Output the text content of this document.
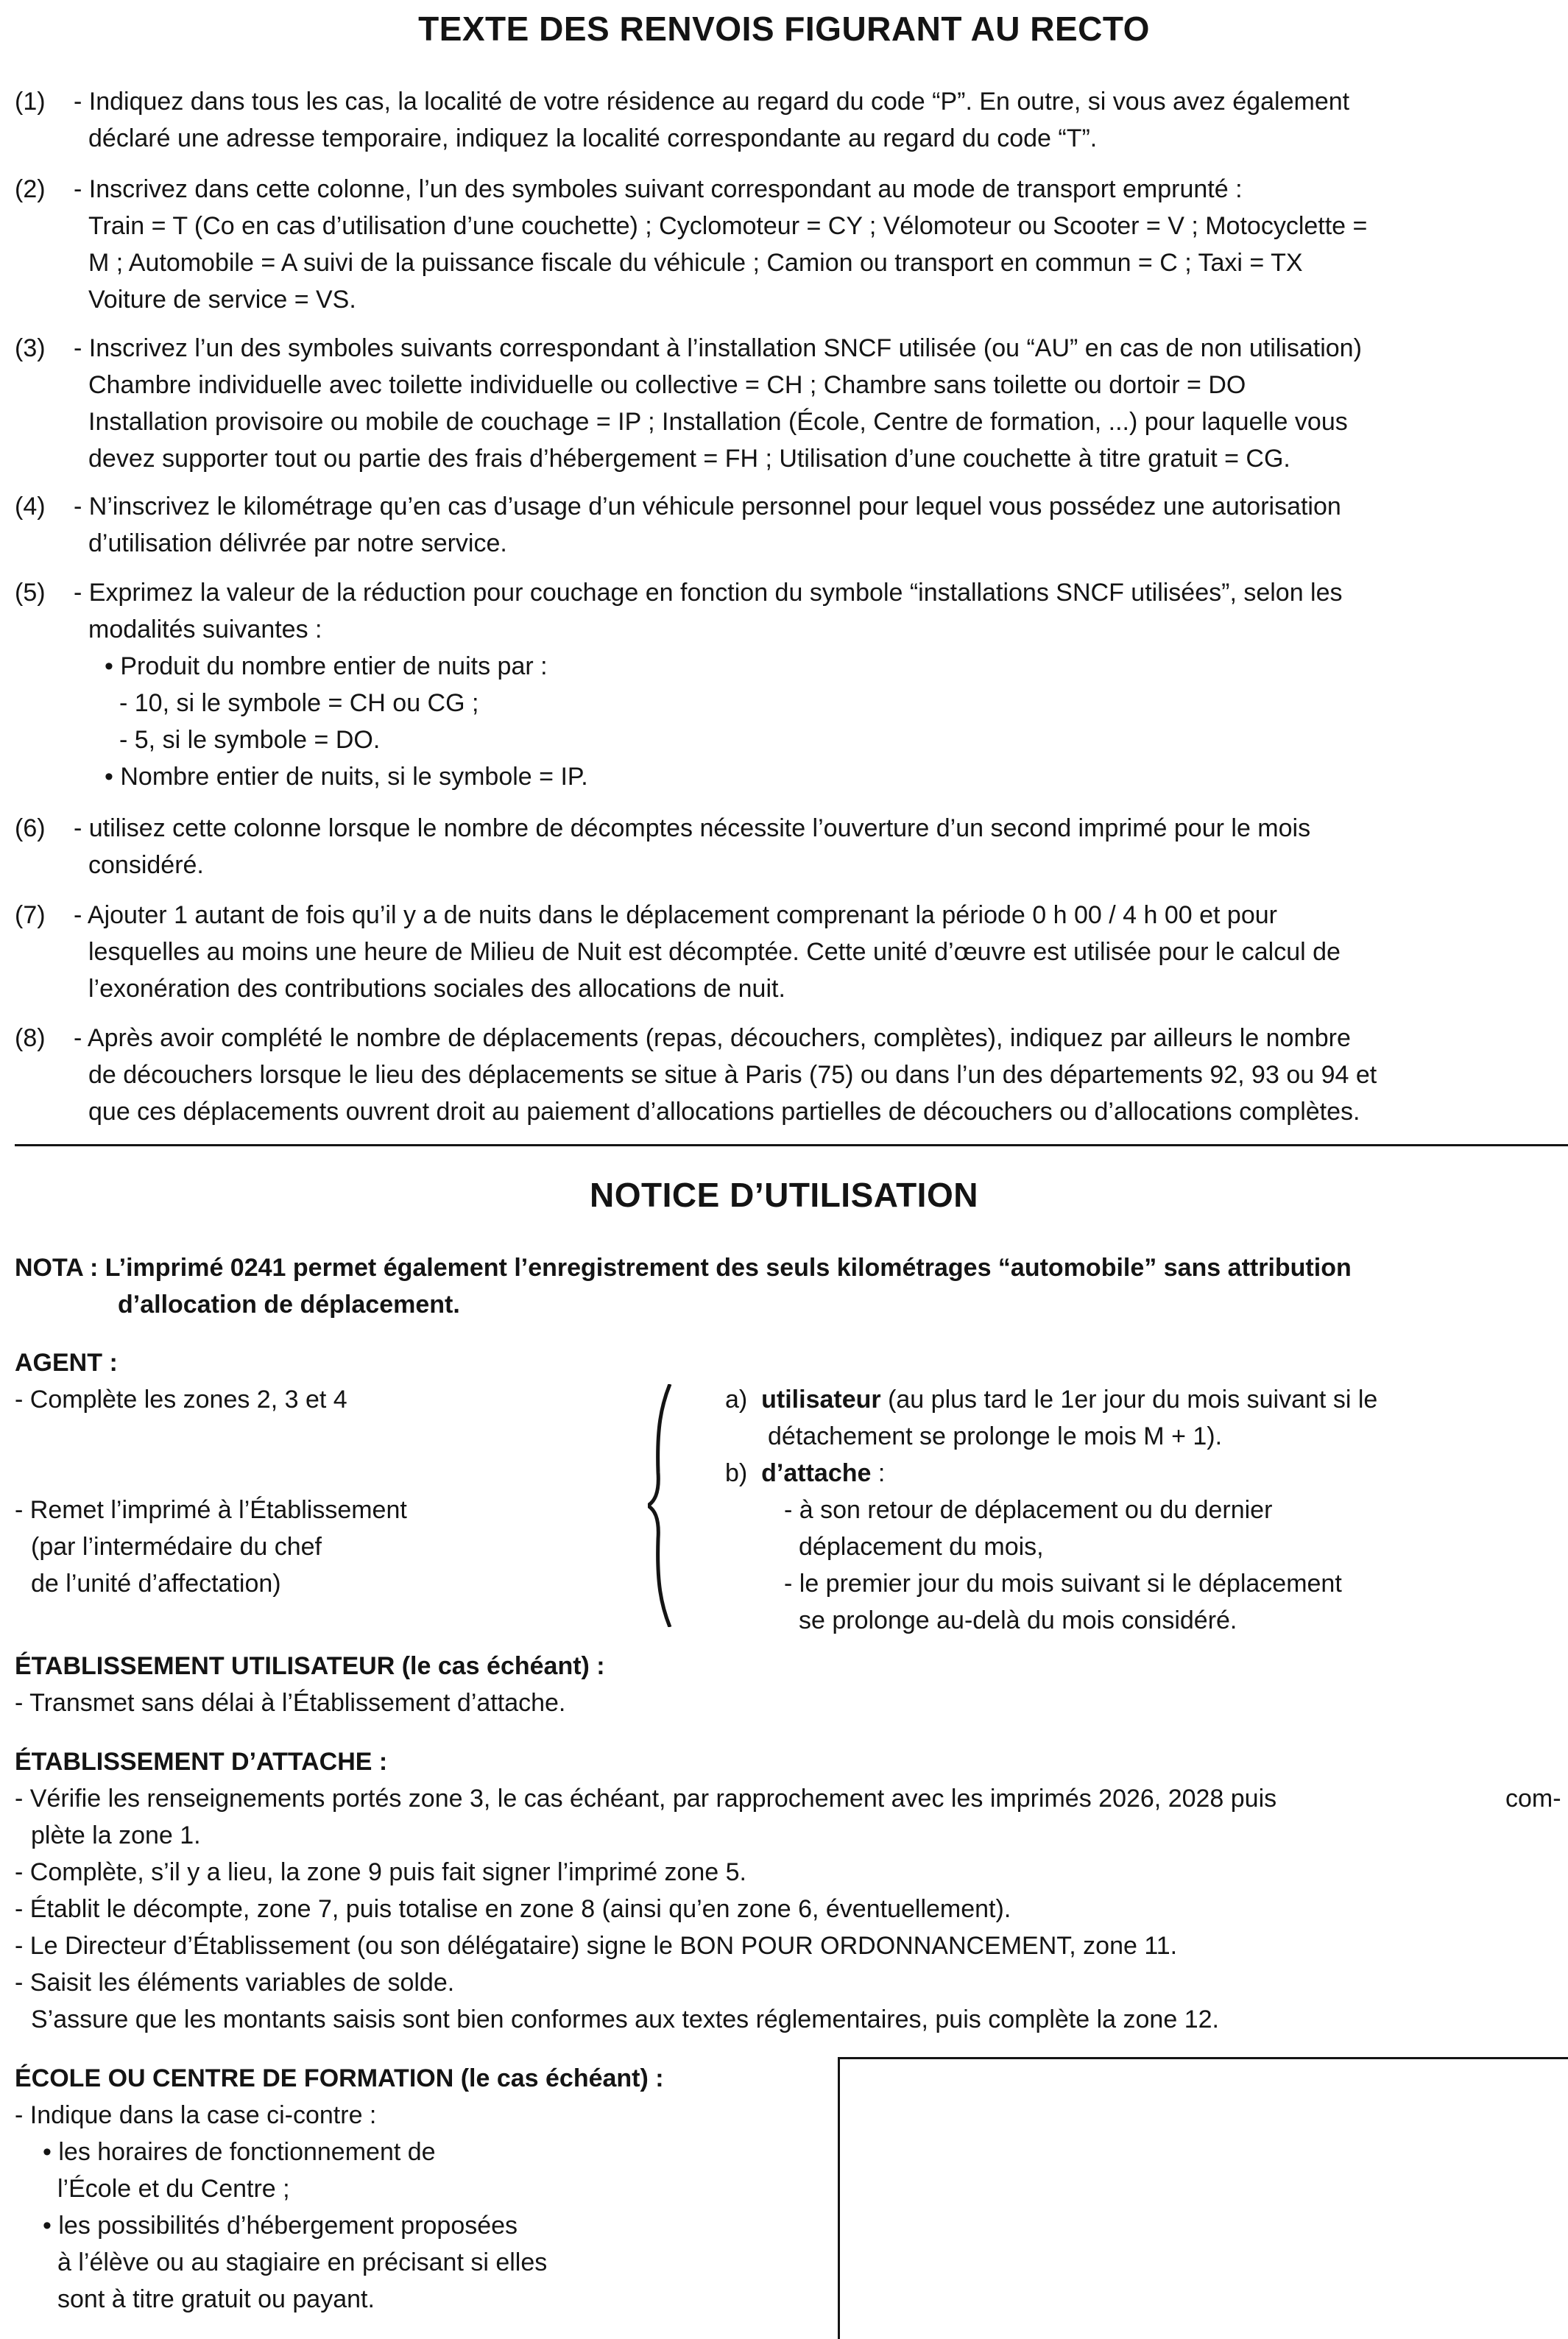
TEXTE DES RENVOIS FIGURANT AU RECTO
(1) - Indiquez dans tous les cas, la localité de votre résidence au regard du code “P”. En outre, si vous avez également
déclaré une adresse temporaire, indiquez la localité correspondante au regard du code “T”.
(2) - Inscrivez dans cette colonne, l’un des symboles suivant correspondant au mode de transport emprunté :
Train = T (Co en cas d’utilisation d’une couchette) ; Cyclomoteur = CY ; Vélomoteur ou Scooter = V ; Motocyclette =
M ; Automobile = A suivi de la puissance fiscale du véhicule ; Camion ou transport en commun = C ; Taxi = TX
Voiture de service = VS.
(3) - Inscrivez l’un des symboles suivants correspondant à l’installation SNCF utilisée (ou “AU” en cas de non utilisation)
Chambre individuelle avec toilette individuelle ou collective = CH ; Chambre sans toilette ou dortoir = DO
Installation provisoire ou mobile de couchage = IP ; Installation (École, Centre de formation, ...) pour laquelle vous
devez supporter tout ou partie des frais d’hébergement = FH ; Utilisation d’une couchette à titre gratuit = CG.
(4) - N’inscrivez le kilométrage qu’en cas d’usage d’un véhicule personnel pour lequel vous possédez une autorisation
d’utilisation délivrée par notre service.
(5) - Exprimez la valeur de la réduction pour couchage en fonction du symbole “installations SNCF utilisées”, selon les
modalités suivantes :
• Produit du nombre entier de nuits par :
- 10, si le symbole = CH ou CG ;
- 5, si le symbole = DO.
• Nombre entier de nuits, si le symbole = IP.
(6) - utilisez cette colonne lorsque le nombre de décomptes nécessite l’ouverture d’un second imprimé pour le mois
considéré.
(7) - Ajouter 1 autant de fois qu’il y a de nuits dans le déplacement comprenant la période 0 h 00 / 4 h 00 et pour
lesquelles au moins une heure de Milieu de Nuit est décomptée. Cette unité d’œuvre est utilisée pour le calcul de
l’exonération des contributions sociales des allocations de nuit.
(8) - Après avoir complété le nombre de déplacements (repas, découchers, complètes), indiquez par ailleurs le nombre
de découchers lorsque le lieu des déplacements se situe à Paris (75) ou dans l’un des départements 92, 93 ou 94 et
que ces déplacements ouvrent droit au paiement d’allocations partielles de découchers ou d’allocations complètes.
NOTICE D’UTILISATION
NOTA : L’imprimé 0241 permet également l’enregistrement des seuls kilométrages “automobile” sans attribution
d’allocation de déplacement.
AGENT :
- Complète les zones 2, 3 et 4
- Remet l’imprimé à l’Établissement
(par l’intermédaire du chef
de l’unité d’affectation)
a) utilisateur (au plus tard le 1er jour du mois suivant si le
détachement se prolonge le mois M + 1).
b) d’attache :
- à son retour de déplacement ou du dernier
déplacement du mois,
- le premier jour du mois suivant si le déplacement
se prolonge au-delà du mois considéré.
ÉTABLISSEMENT UTILISATEUR (le cas échéant) :
- Transmet sans délai à l’Établissement d’attache.
ÉTABLISSEMENT D’ATTACHE :
- Vérifie les renseignements portés zone 3, le cas échéant, par rapprochement avec les imprimés 2026, 2028 puis	com-
plète la zone 1.
- Complète, s’il y a lieu, la zone 9 puis fait signer l’imprimé zone 5.
- Établit le décompte, zone 7, puis totalise en zone 8 (ainsi qu’en zone 6, éventuellement).
- Le Directeur d’Établissement (ou son délégataire) signe le BON POUR ORDONNANCEMENT, zone 11.
- Saisit les éléments variables de solde.
S’assure que les montants saisis sont bien conformes aux textes réglementaires, puis complète la zone 12.
ÉCOLE OU CENTRE DE FORMATION (le cas échéant) :
- Indique dans la case ci-contre :
• les horaires de fonctionnement de
l’École et du Centre ;
• les possibilités d’hébergement proposées
à l’élève ou au stagiaire en précisant si elles
sont à titre gratuit ou payant.
